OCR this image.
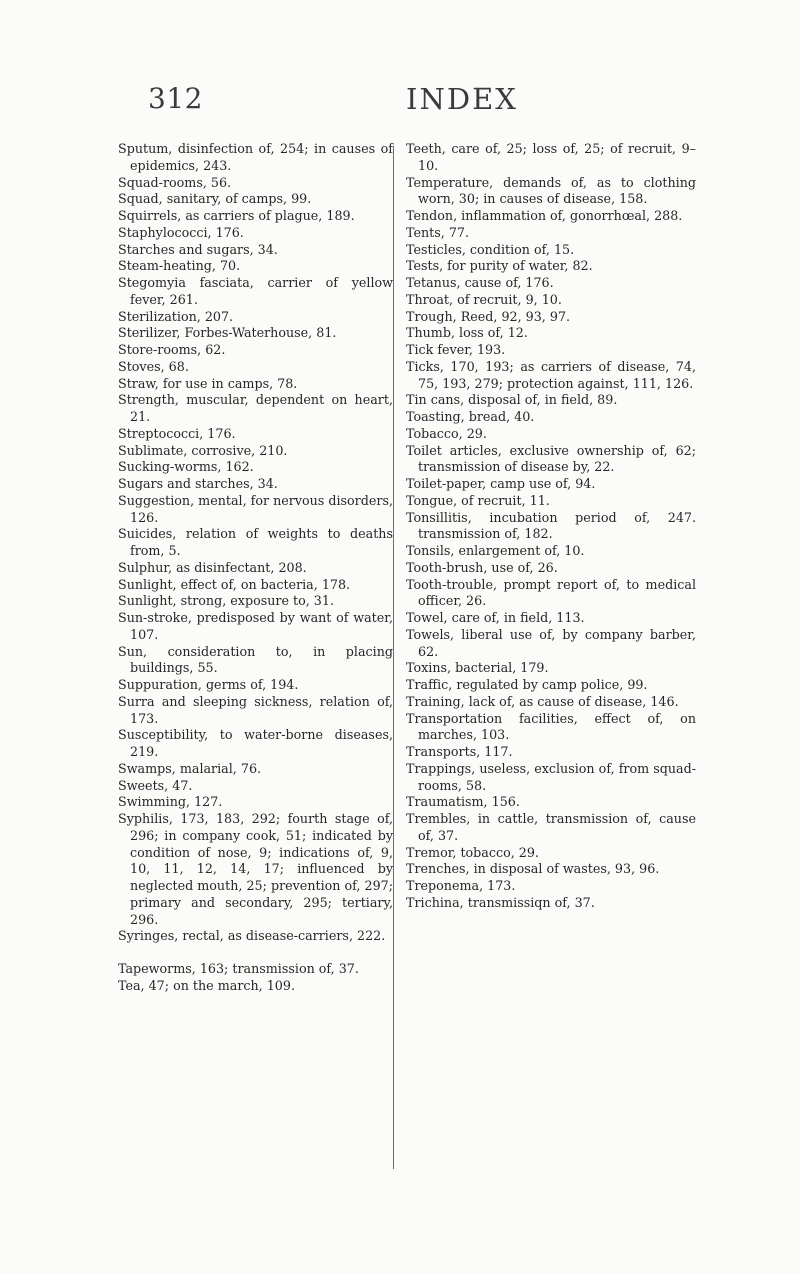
312	INDEX

Sputum, disinfection of, 254; in causes of epidemics, 243.

Squad-rooms, 56.

Squad, sanitary, of camps, 99.

Squirrels, as carriers of plague, 189.

Staphylococci, 176.

Starches and sugars, 34.

Steam-heating, 70.

Stegomyia fasciata, carrier of yellow fever, 261.

Sterilization, 207.

Sterilizer, Forbes-Waterhouse, 81.

Store-rooms, 62.

Stoves, 68.

Straw, for use in camps, 78.

Strength, muscular, dependent on heart, 21.

Streptococci, 176.

Sublimate, corrosive, 210.

Sucking-worms, 162.

Sugars and starches, 34.

Suggestion, mental, for nervous disorders, 126.

Suicides, relation of weights to deaths from, 5.

Sulphur, as disinfectant, 208.

Sunlight, effect of, on bacteria, 178.

Sunlight, strong, exposure to, 31.

Sun-stroke, predisposed by want of water, 107.

Sun, consideration to, in placing buildings, 55.

Suppuration, germs of, 194.

Surra and sleeping sickness, relation of, 173.

Susceptibility, to water-borne diseases, 219.

Swamps, malarial, 76.

Sweets, 47.

Swimming, 127.

Syphilis, 173, 183, 292; fourth stage of, 296; in company cook, 51; indicated by condition of nose, 9; indications of, 9, 10, 11, 12, 14, 17; influenced by neglected mouth, 25; prevention of, 297; primary and secondary, 295; tertiary, 296.

Syringes, rectal, as disease-carriers, 222.

Tapeworms, 163; transmission of, 37.

Tea, 47; on the march, 109.

Teeth, care of, 25; loss of, 25; of recruit, 9–10.

Temperature, demands of, as to clothing worn, 30; in causes of disease, 158.

Tendon, inflammation of, gonorrhœal, 288.

Tents, 77.

Testicles, condition of, 15.

Tests, for purity of water, 82.

Tetanus, cause of, 176.

Throat, of recruit, 9, 10.

Trough, Reed, 92, 93, 97.

Thumb, loss of, 12.

Tick fever, 193.

Ticks, 170, 193; as carriers of disease, 74, 75, 193, 279; protection against, 111, 126.

Tin cans, disposal of, in field, 89.

Toasting, bread, 40.

Tobacco, 29.

Toilet articles, exclusive ownership of, 62; transmission of disease by, 22.

Toilet-paper, camp use of, 94.

Tongue, of recruit, 11.

Tonsillitis, incubation period of, 247. transmission of, 182.

Tonsils, enlargement of, 10.

Tooth-brush, use of, 26.

Tooth-trouble, prompt report of, to medical officer, 26.

Towel, care of, in field, 113.

Towels, liberal use of, by company barber, 62.

Toxins, bacterial, 179.

Traffic, regulated by camp police, 99.

Training, lack of, as cause of disease, 146.

Transportation facilities, effect of, on marches, 103.

Transports, 117.

Trappings, useless, exclusion of, from squad-rooms, 58.

Traumatism, 156.

Trembles, in cattle, transmission of, cause of, 37.

Tremor, tobacco, 29.

Trenches, in disposal of wastes, 93, 96.

Treponema, 173.

Trichina, transmissiqn of, 37.
